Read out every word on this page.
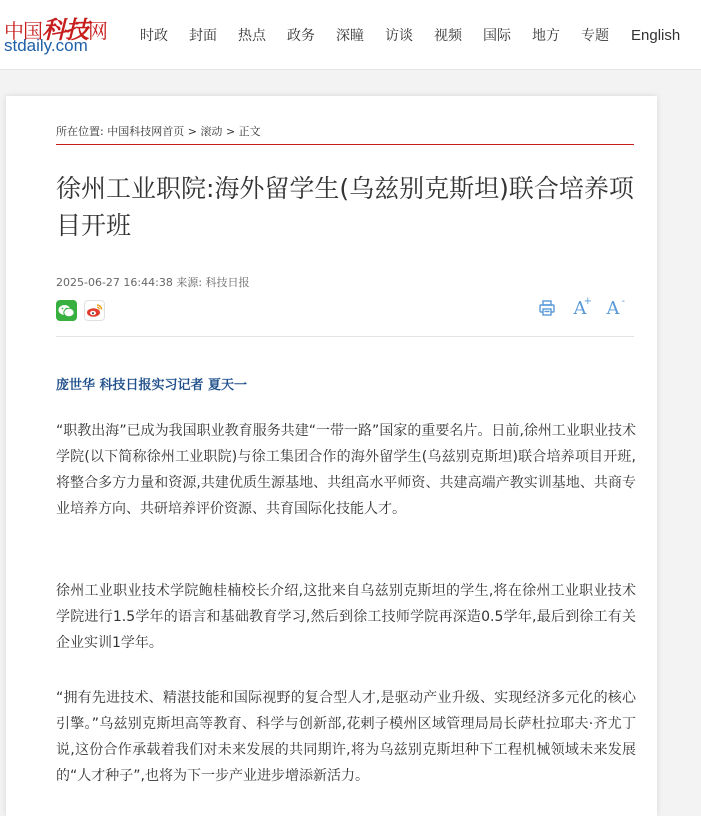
中国科技网
stdaily.com	时政 封面 热点 政务 深瞳 访谈 视频 国际 地方 专题 English
所在位置: 中国科技网首页 > 滚动 > 正文
徐州工业职院:海外留学生(乌兹别克斯坦)联合培养项目开班
2025-06-27 16:44:38 来源: 科技日报
A
+ A-
庞世华 科技日报实习记者 夏天一

“职教出海”已成为我国职业教育服务共建“一带一路”国家的重要名片。日前,徐州工业职业技术学院(以下简称徐州工业职院)与徐工集团合作的海外留学生(乌兹别克斯坦)联合培养项目开班,将整合多方力量和资源,共建优质生源基地、共组高水平师资、共建高端产教实训基地、共商专业培养方向、共研培养评价资源、共育国际化技能人才。

徐州工业职业技术学院鲍桂楠校长介绍,这批来自乌兹别克斯坦的学生,将在徐州工业职业技术学院进行1.5学年的语言和基础教育学习,然后到徐工技师学院再深造0.5学年,最后到徐工有关企业实训1学年。

“拥有先进技术、精湛技能和国际视野的复合型人才,是驱动产业升级、实现经济多元化的核心引擎。”乌兹别克斯坦高等教育、科学与创新部,花剌子模州区域管理局局长萨杜拉耶夫·齐尤丁说,这份合作承载着我们对未来发展的共同期许,将为乌兹别克斯坦种下工程机械领域未来发展的“人才种子”,也将为下一步产业进步增添新活力。
